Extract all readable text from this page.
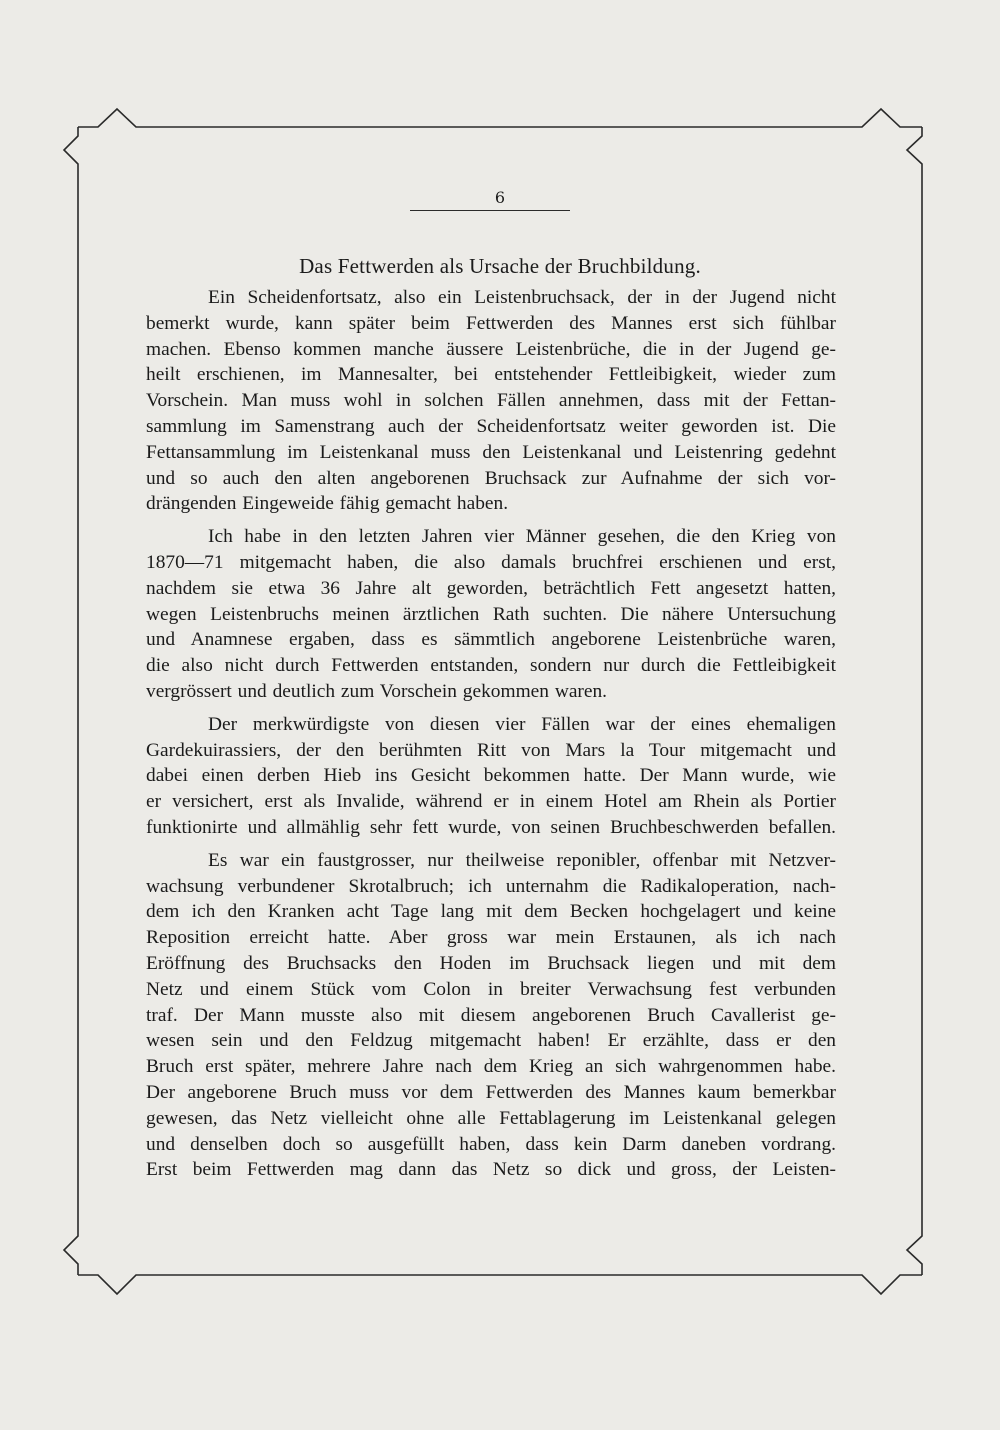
6
Das Fettwerden als Ursache der Bruchbildung.

Ein Scheidenfortsatz, also ein Leistenbruchsack, der in der Jugend nicht
bemerkt wurde, kann später beim Fettwerden des Mannes erst sich fühlbar
machen. Ebenso kommen manche äussere Leistenbrüche, die in der Jugend ge-
heilt erschienen, im Mannesalter, bei entstehender Fettleibigkeit, wieder zum
Vorschein. Man muss wohl in solchen Fällen annehmen, dass mit der Fettan-
sammlung im Samenstrang auch der Scheidenfortsatz weiter geworden ist. Die
Fettansammlung im Leistenkanal muss den Leistenkanal und Leistenring gedehnt
und so auch den alten angeborenen Bruchsack zur Aufnahme der sich vor-
drängenden Eingeweide fähig gemacht haben.

Ich habe in den letzten Jahren vier Männer gesehen, die den Krieg von
1870—71 mitgemacht haben, die also damals bruchfrei erschienen und erst,
nachdem sie etwa 36 Jahre alt geworden, beträchtlich Fett angesetzt hatten,
wegen Leistenbruchs meinen ärztlichen Rath suchten. Die nähere Untersuchung
und Anamnese ergaben, dass es sämmtlich angeborene Leistenbrüche waren,
die also nicht durch Fettwerden entstanden, sondern nur durch die Fettleibigkeit
vergrössert und deutlich zum Vorschein gekommen waren.

Der merkwürdigste von diesen vier Fällen war der eines ehemaligen
Gardekuirassiers, der den berühmten Ritt von Mars la Tour mitgemacht und
dabei einen derben Hieb ins Gesicht bekommen hatte. Der Mann wurde, wie
er versichert, erst als Invalide, während er in einem Hotel am Rhein als Portier
funktionirte und allmählig sehr fett wurde, von seinen Bruchbeschwerden befallen.

Es war ein faustgrosser, nur theilweise reponibler, offenbar mit Netzver-
wachsung verbundener Skrotalbruch; ich unternahm die Radikaloperation, nach-
dem ich den Kranken acht Tage lang mit dem Becken hochgelagert und keine
Reposition erreicht hatte. Aber gross war mein Erstaunen, als ich nach
Eröffnung des Bruchsacks den Hoden im Bruchsack liegen und mit dem
Netz und einem Stück vom Colon in breiter Verwachsung fest verbunden
traf. Der Mann musste also mit diesem angeborenen Bruch Cavallerist ge-
wesen sein und den Feldzug mitgemacht haben! Er erzählte, dass er den
Bruch erst später, mehrere Jahre nach dem Krieg an sich wahrgenommen habe.
Der angeborene Bruch muss vor dem Fettwerden des Mannes kaum bemerkbar
gewesen, das Netz vielleicht ohne alle Fettablagerung im Leistenkanal gelegen
und denselben doch so ausgefüllt haben, dass kein Darm daneben vordrang.
Erst beim Fettwerden mag dann das Netz so dick und gross, der Leisten-
